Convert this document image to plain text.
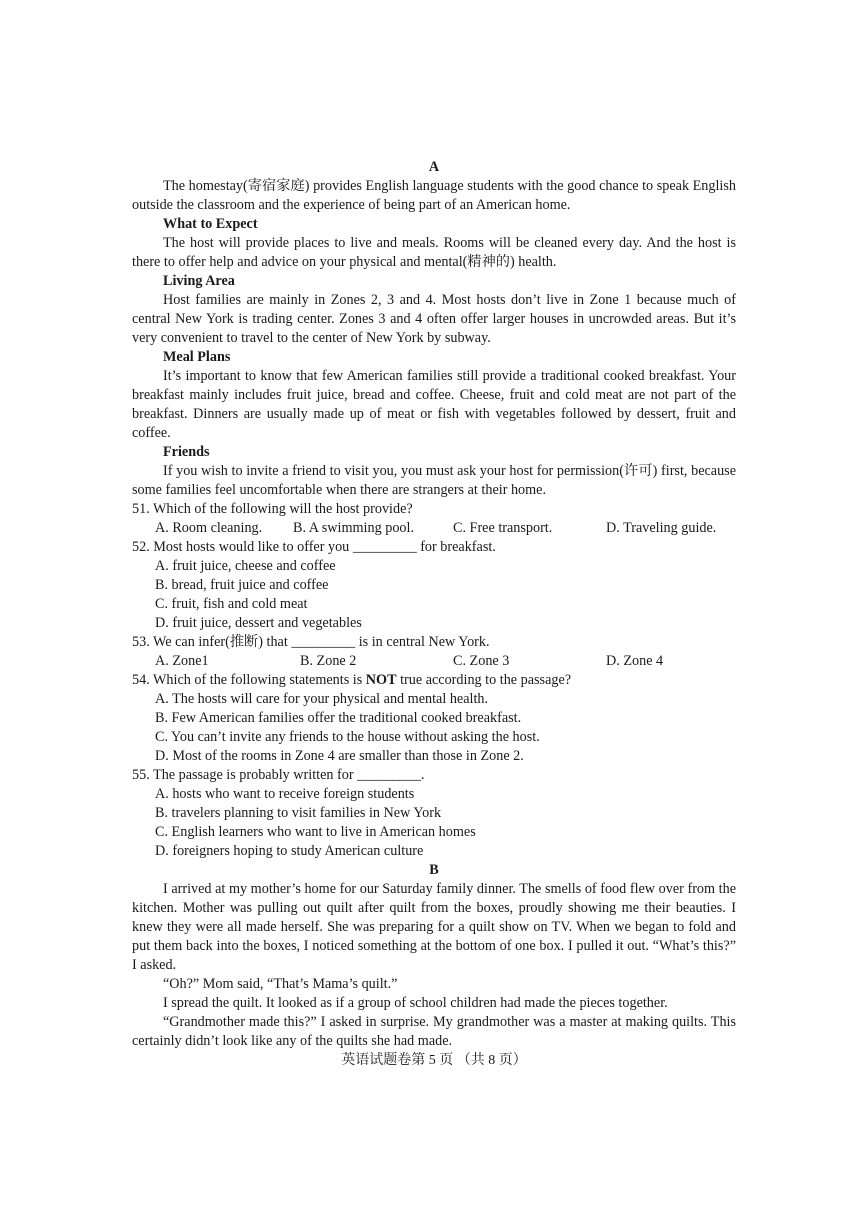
A
The homestay(寄宿家庭) provides English language students with the good chance to speak English outside the classroom and the experience of being part of an American home.
What to Expect
The host will provide places to live and meals. Rooms will be cleaned every day. And the host is there to offer help and advice on your physical and mental(精神的) health.
Living Area
Host families are mainly in Zones 2, 3 and 4. Most hosts don’t live in Zone 1 because much of central New York is trading center. Zones 3 and 4 often offer larger houses in uncrowded areas. But it’s very convenient to travel to the center of New York by subway.
Meal Plans
It’s important to know that few American families still provide a traditional cooked breakfast. Your breakfast mainly includes fruit juice, bread and coffee. Cheese, fruit and cold meat are not part of the breakfast. Dinners are usually made up of meat or fish with vegetables followed by dessert, fruit and coffee.
Friends
If you wish to invite a friend to visit you, you must ask your host for permission(许可) first, because some families feel uncomfortable when there are strangers at their home.
51. Which of the following will the host provide?
A. Room cleaning.	B. A swimming pool.	C. Free transport.	D. Traveling guide.
52. Most hosts would like to offer you _________ for breakfast.
A. fruit juice, cheese and coffee
B. bread, fruit juice and coffee
C. fruit, fish and cold meat
D. fruit juice, dessert and vegetables
53. We can infer(推断) that _________ is in central New York.
A. Zone1	B. Zone 2	C. Zone 3	D. Zone 4
54. Which of the following statements is NOT true according to the passage?
A. The hosts will care for your physical and mental health.
B. Few American families offer the traditional cooked breakfast.
C. You can’t invite any friends to the house without asking the host.
D. Most of the rooms in Zone 4 are smaller than those in Zone 2.
55. The passage is probably written for _________.
A. hosts who want to receive foreign students
B. travelers planning to visit families in New York
C. English learners who want to live in American homes
D. foreigners hoping to study American culture
B
I arrived at my mother’s home for our Saturday family dinner. The smells of food flew over from the kitchen. Mother was pulling out quilt after quilt from the boxes, proudly showing me their beauties. I knew they were all made herself. She was preparing for a quilt show on TV. When we began to fold and put them back into the boxes, I noticed something at the bottom of one box. I pulled it out. “What’s this?” I asked.
“Oh?” Mom said, “That’s Mama’s quilt.”
I spread the quilt. It looked as if a group of school children had made the pieces together.
“Grandmother made this?” I asked in surprise. My grandmother was a master at making quilts. This certainly didn’t look like any of the quilts she had made.
英语试题卷第 5 页 （共 8 页）
